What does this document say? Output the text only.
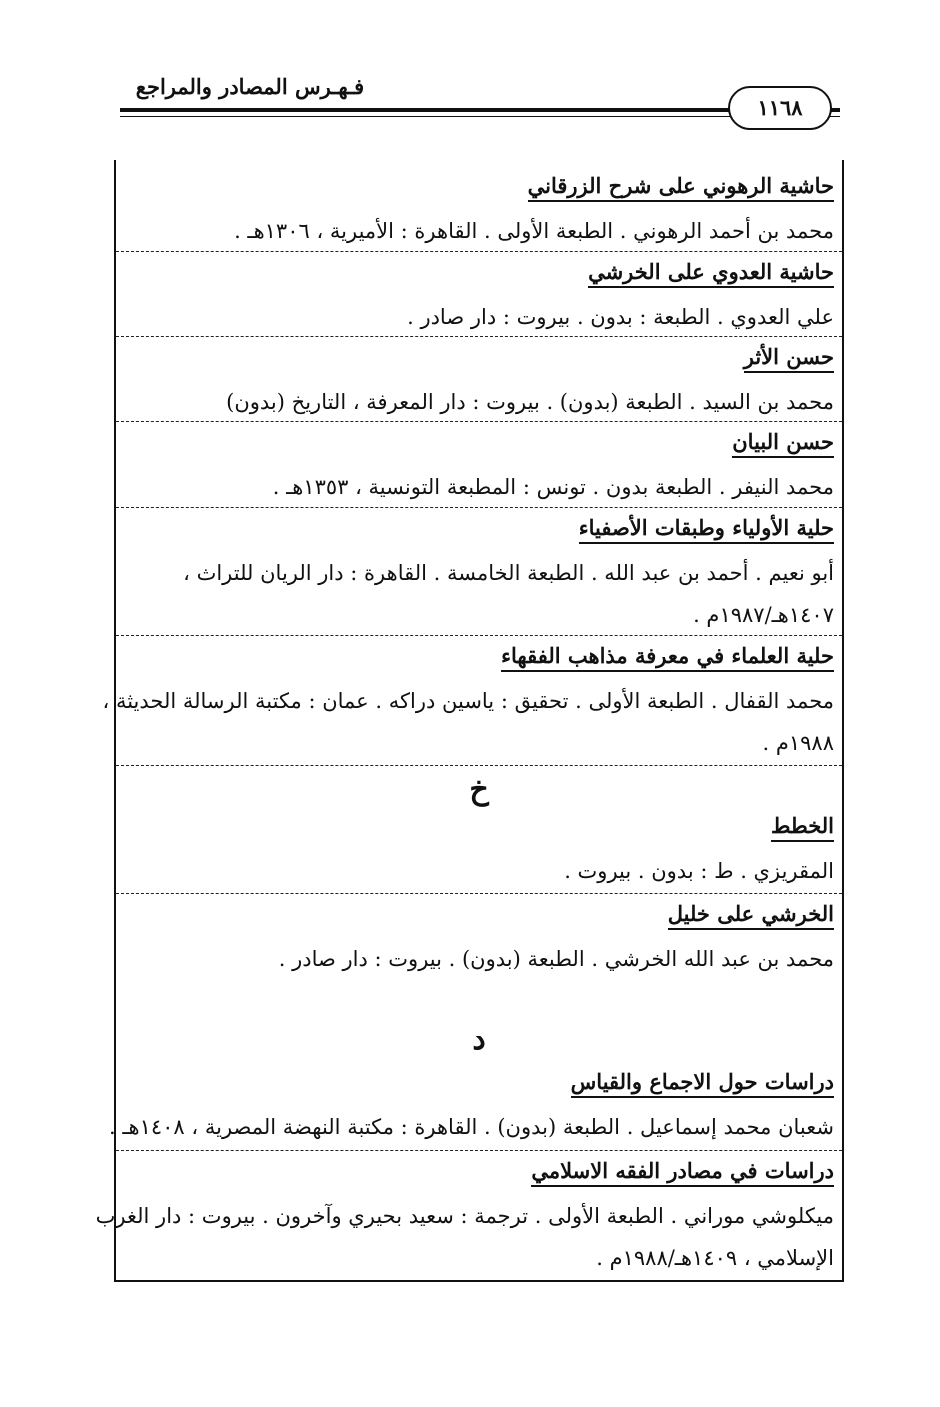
فـهـرس المصادر والمراجع
١١٦٨
حاشية الرهوني على شرح الزرقاني
محمد بن أحمد الرهوني . الطبعة الأولى . القاهرة : الأميرية ، ١٣٠٦هـ .
حاشية العدوي على الخرشي
علي العدوي . الطبعة : بدون . بيروت : دار صادر .
حسن الأثر
محمد بن السيد . الطبعة (بدون) . بيروت : دار المعرفة ، التاريخ (بدون)
حسن البيان
محمد النيفر . الطبعة بدون . تونس : المطبعة التونسية ، ١٣٥٣هـ .
حلية الأولياء وطبقات الأصفياء
أبو نعيم . أحمد بن عبد الله . الطبعة الخامسة . القاهرة : دار الريان للتراث ،
١٤٠٧هـ/١٩٨٧م .
حلية العلماء في معرفة مذاهب الفقهاء
محمد القفال . الطبعة الأولى . تحقيق : ياسين دراكه . عمان : مكتبة الرسالة الحديثة ،
١٩٨٨م .
خ
الخطط
المقريزي . ط : بدون . بيروت .
الخرشي على خليل
محمد بن عبد الله الخرشي . الطبعة (بدون) . بيروت : دار صادر .
د
دراسات حول الاجماع والقياس
شعبان محمد إسماعيل . الطبعة (بدون) . القاهرة : مكتبة النهضة المصرية ، ١٤٠٨هـ .
دراسات في مصادر الفقه الاسلامي
ميكلوشي موراني . الطبعة الأولى . ترجمة : سعيد بحيري وآخرون . بيروت : دار الغرب
الإسلامي ، ١٤٠٩هـ/١٩٨٨م .
